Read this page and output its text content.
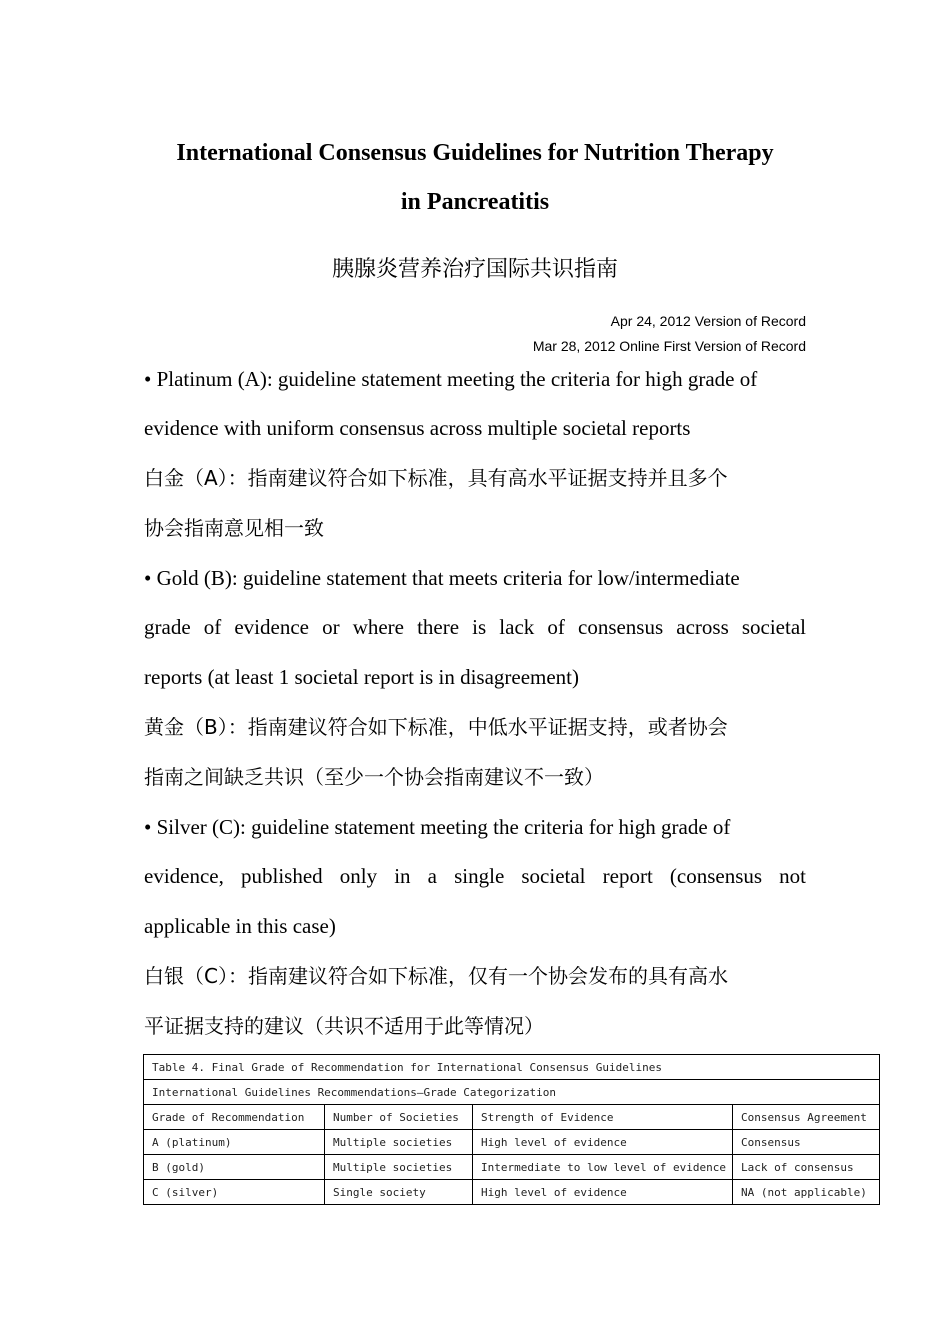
International Consensus Guidelines for Nutrition Therapy
in Pancreatitis
胰腺炎营养治疗国际共识指南
Apr 24, 2012 Version of Record
Mar 28, 2012 Online First Version of Record
• Platinum (A): guideline statement meeting the criteria for high grade of
evidence with uniform consensus across multiple societal reports
白金（A）：指南建议符合如下标准，具有高水平证据支持并且多个
协会指南意见相一致
• Gold (B): guideline statement that meets criteria for low/intermediate
grade of evidence or where there is lack of consensus across societal
reports (at least 1 societal report is in disagreement)
黄金（B）：指南建议符合如下标准，中低水平证据支持，或者协会
指南之间缺乏共识（至少一个协会指南建议不一致）
• Silver (C): guideline statement meeting the criteria for high grade of
evidence, published only in a single societal report (consensus not
applicable in this case)
白银（C）：指南建议符合如下标准，仅有一个协会发布的具有高水
平证据支持的建议（共识不适用于此等情况）
Table 4. Final Grade of Recommendation for International Consensus Guidelines			
International Guidelines Recommendations—Grade Categorization			
Grade of Recommendation	Number of Societies	Strength of Evidence	Consensus Agreement
A (platinum)	Multiple societies	High level of evidence	Consensus
B (gold)	Multiple societies	Intermediate to low level of evidence	Lack of consensus
C (silver)	Single society	High level of evidence	NA (not applicable)
